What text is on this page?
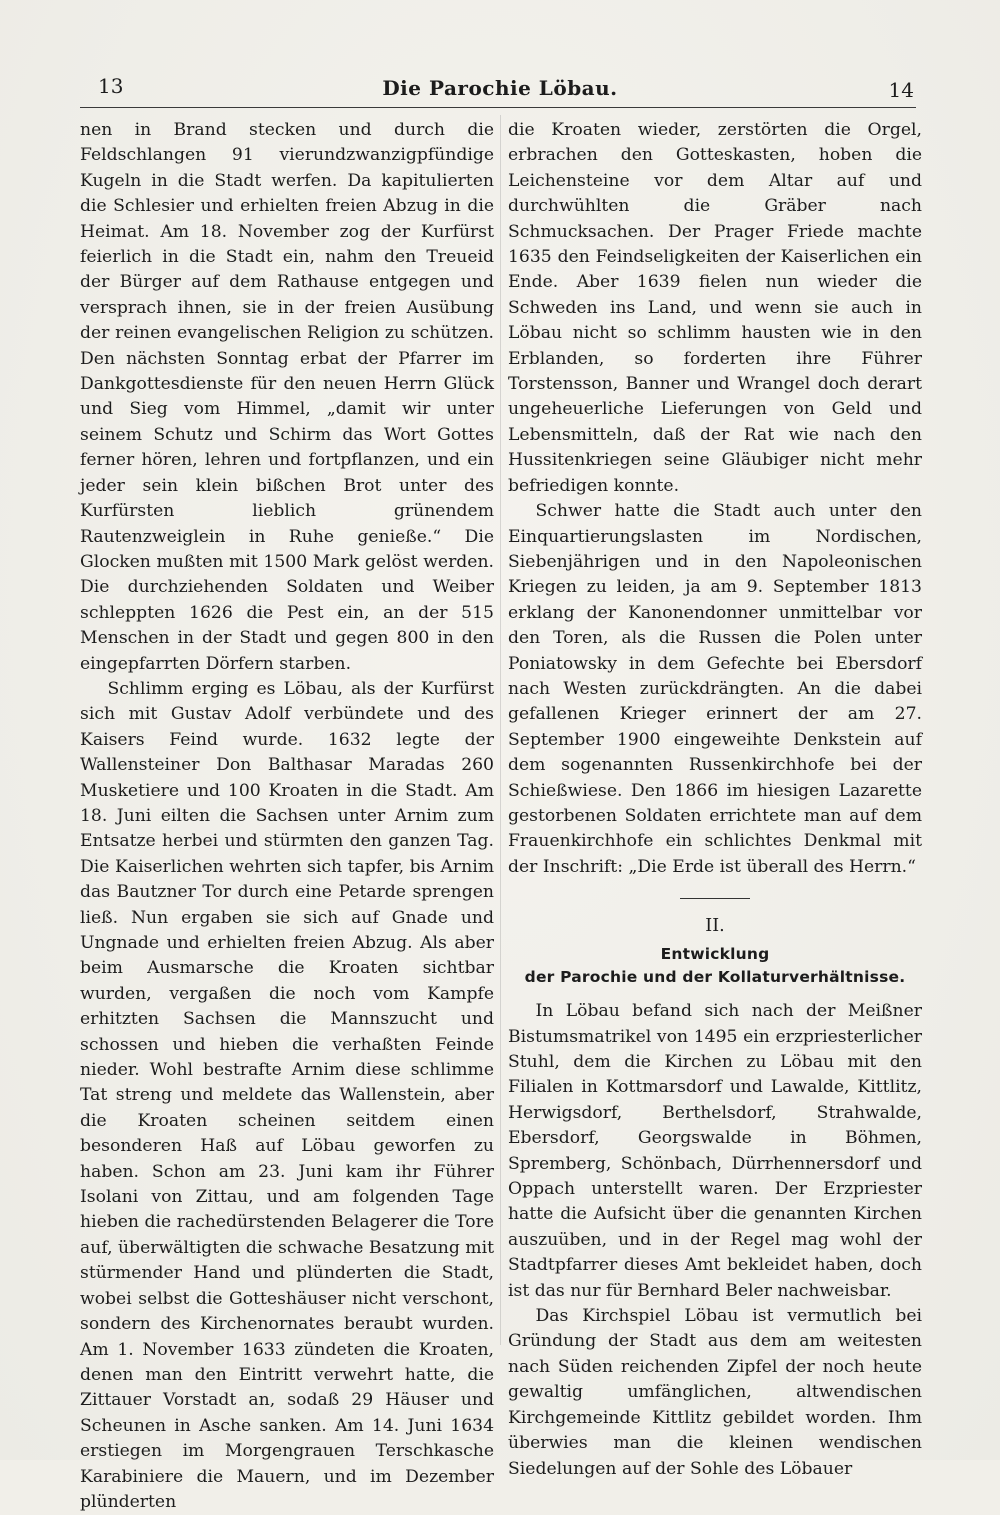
13	Die Parochie Löbau.	14

nen in Brand stecken und durch die Feldschlangen 91 vierundzwanzigpfündige Kugeln in die Stadt werfen. Da kapitulierten die Schlesier und erhielten freien Abzug in die Heimat. Am 18. November zog der Kurfürst feierlich in die Stadt ein, nahm den Treueid der Bürger auf dem Rathause entgegen und versprach ihnen, sie in der freien Ausübung der reinen evangelischen Religion zu schützen. Den nächsten Sonntag erbat der Pfarrer im Dankgottesdienste für den neuen Herrn Glück und Sieg vom Himmel, „damit wir unter seinem Schutz und Schirm das Wort Gottes ferner hören, lehren und fortpflanzen, und ein jeder sein klein bißchen Brot unter des Kurfürsten lieblich grünendem Rautenzweiglein in Ruhe genieße.“ Die Glocken mußten mit 1500 Mark gelöst werden. Die durchziehenden Soldaten und Weiber schleppten 1626 die Pest ein, an der 515 Menschen in der Stadt und gegen 800 in den eingepfarrten Dörfern starben.

Schlimm erging es Löbau, als der Kurfürst sich mit Gustav Adolf verbündete und des Kaisers Feind wurde. 1632 legte der Wallensteiner Don Balthasar Maradas 260 Musketiere und 100 Kroaten in die Stadt. Am 18. Juni eilten die Sachsen unter Arnim zum Entsatze herbei und stürmten den ganzen Tag. Die Kaiserlichen wehrten sich tapfer, bis Arnim das Bautzner Tor durch eine Petarde sprengen ließ. Nun ergaben sie sich auf Gnade und Ungnade und erhielten freien Abzug. Als aber beim Ausmarsche die Kroaten sichtbar wurden, vergaßen die noch vom Kampfe erhitzten Sachsen die Mannszucht und schossen und hieben die verhaßten Feinde nieder. Wohl bestrafte Arnim diese schlimme Tat streng und meldete das Wallenstein, aber die Kroaten scheinen seitdem einen besonderen Haß auf Löbau geworfen zu haben. Schon am 23. Juni kam ihr Führer Isolani von Zittau, und am folgenden Tage hieben die rachedürstenden Belagerer die Tore auf, überwältigten die schwache Besatzung mit stürmender Hand und plünderten die Stadt, wobei selbst die Gotteshäuser nicht verschont, sondern des Kirchenornates beraubt wurden. Am 1. November 1633 zündeten die Kroaten, denen man den Eintritt verwehrt hatte, die Zittauer Vorstadt an, sodaß 29 Häuser und Scheunen in Asche sanken. Am 14. Juni 1634 erstiegen im Morgengrauen Terschkasche Karabiniere die Mauern, und im Dezember plünderten

die Kroaten wieder, zerstörten die Orgel, erbrachen den Gotteskasten, hoben die Leichensteine vor dem Altar auf und durchwühlten die Gräber nach Schmucksachen. Der Prager Friede machte 1635 den Feindseligkeiten der Kaiserlichen ein Ende. Aber 1639 fielen nun wieder die Schweden ins Land, und wenn sie auch in Löbau nicht so schlimm hausten wie in den Erblanden, so forderten ihre Führer Torstensson, Banner und Wrangel doch derart ungeheuerliche Lieferungen von Geld und Lebensmitteln, daß der Rat wie nach den Hussitenkriegen seine Gläubiger nicht mehr befriedigen konnte.

Schwer hatte die Stadt auch unter den Einquartierungslasten im Nordischen, Siebenjährigen und in den Napoleonischen Kriegen zu leiden, ja am 9. September 1813 erklang der Kanonendonner unmittelbar vor den Toren, als die Russen die Polen unter Poniatowsky in dem Gefechte bei Ebersdorf nach Westen zurückdrängten. An die dabei gefallenen Krieger erinnert der am 27. September 1900 eingeweihte Denkstein auf dem sogenannten Russenkirchhofe bei der Schießwiese. Den 1866 im hiesigen Lazarette gestorbenen Soldaten errichtete man auf dem Frauenkirchhofe ein schlichtes Denkmal mit der Inschrift: „Die Erde ist überall des Herrn.“

II.

Entwicklung
der Parochie und der Kollaturverhältnisse.

In Löbau befand sich nach der Meißner Bistumsmatrikel von 1495 ein erzpriesterlicher Stuhl, dem die Kirchen zu Löbau mit den Filialen in Kottmarsdorf und Lawalde, Kittlitz, Herwigsdorf, Berthelsdorf, Strahwalde, Ebersdorf, Georgswalde in Böhmen, Spremberg, Schönbach, Dürrhennersdorf und Oppach unterstellt waren. Der Erzpriester hatte die Aufsicht über die genannten Kirchen auszuüben, und in der Regel mag wohl der Stadtpfarrer dieses Amt bekleidet haben, doch ist das nur für Bernhard Beler nachweisbar.

Das Kirchspiel Löbau ist vermutlich bei Gründung der Stadt aus dem am weitesten nach Süden reichenden Zipfel der noch heute gewaltig umfänglichen, altwendischen Kirchgemeinde Kittlitz gebildet worden. Ihm überwies man die kleinen wendischen Siedelungen auf der Sohle des Löbauer
